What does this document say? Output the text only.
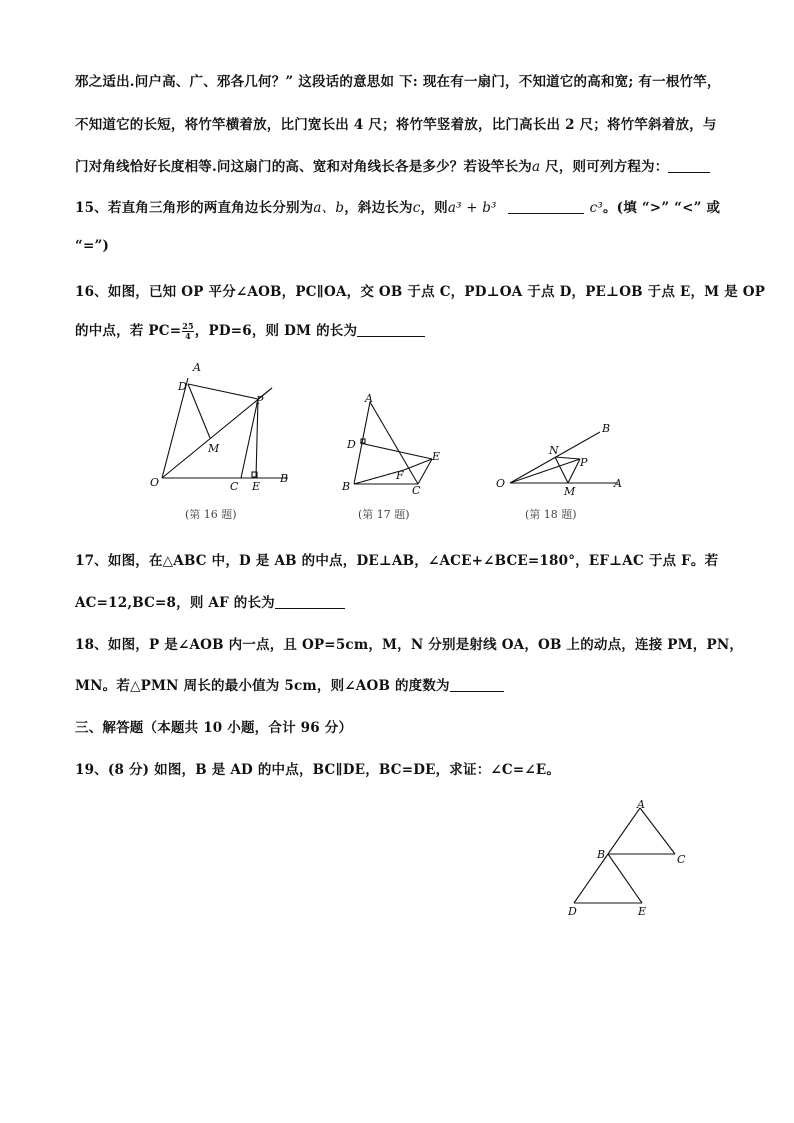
邪之适出.问户高、广、邪各几何？” 这段话的意思如 下: 现在有一扇门，不知道它的高和宽; 有一根竹竿，
不知道它的长短，将竹竿横着放，比门宽长出 4 尺；将竹竿竖着放，比门高长出 2 尺；将竹竿斜着放，与
门对角线恰好长度相等.问这扇门的高、宽和对角线长各是多少？若设竿长为a 尺，则可列方程为：
15、若直角三角形的两直角边长分别为a、b，斜边长为c，则a³ + b³	c³。(填 “>” “<” 或
“=”)
16、如图，已知 OP 平分∠AOB，PC∥OA，交 OB 于点 C，PD⊥OA 于点 D，PE⊥OB 于点 E，M 是 OP
的中点，若 $PC= \frac{25}{4}$ ，PD=6，则 DM 的长为
A
D
P
M
O	C E
B
(第 16 题)
A
D
E
F
B	C
(第 17 题)
B
N
P
O
M
A
(第 18 题)
17、如图，在△ABC 中，D 是 AB 的中点，DE⊥AB，∠ACE+∠BCE=180°，EF⊥AC 于点 F。若
AC=12,BC=8，则 AF 的长为
18、如图，P 是∠AOB 内一点，且 OP=5cm，M，N 分别是射线 OA，OB 上的动点，连接 PM，PN，
MN。若△PMN 周长的最小值为 5cm，则∠AOB 的度数为
三、解答题（本题共 10 小题，合计 96 分）
19、(8 分) 如图，B 是 AD 的中点，BC∥DE，BC=DE，求证：∠C=∠E。
A
B	C
D	E
